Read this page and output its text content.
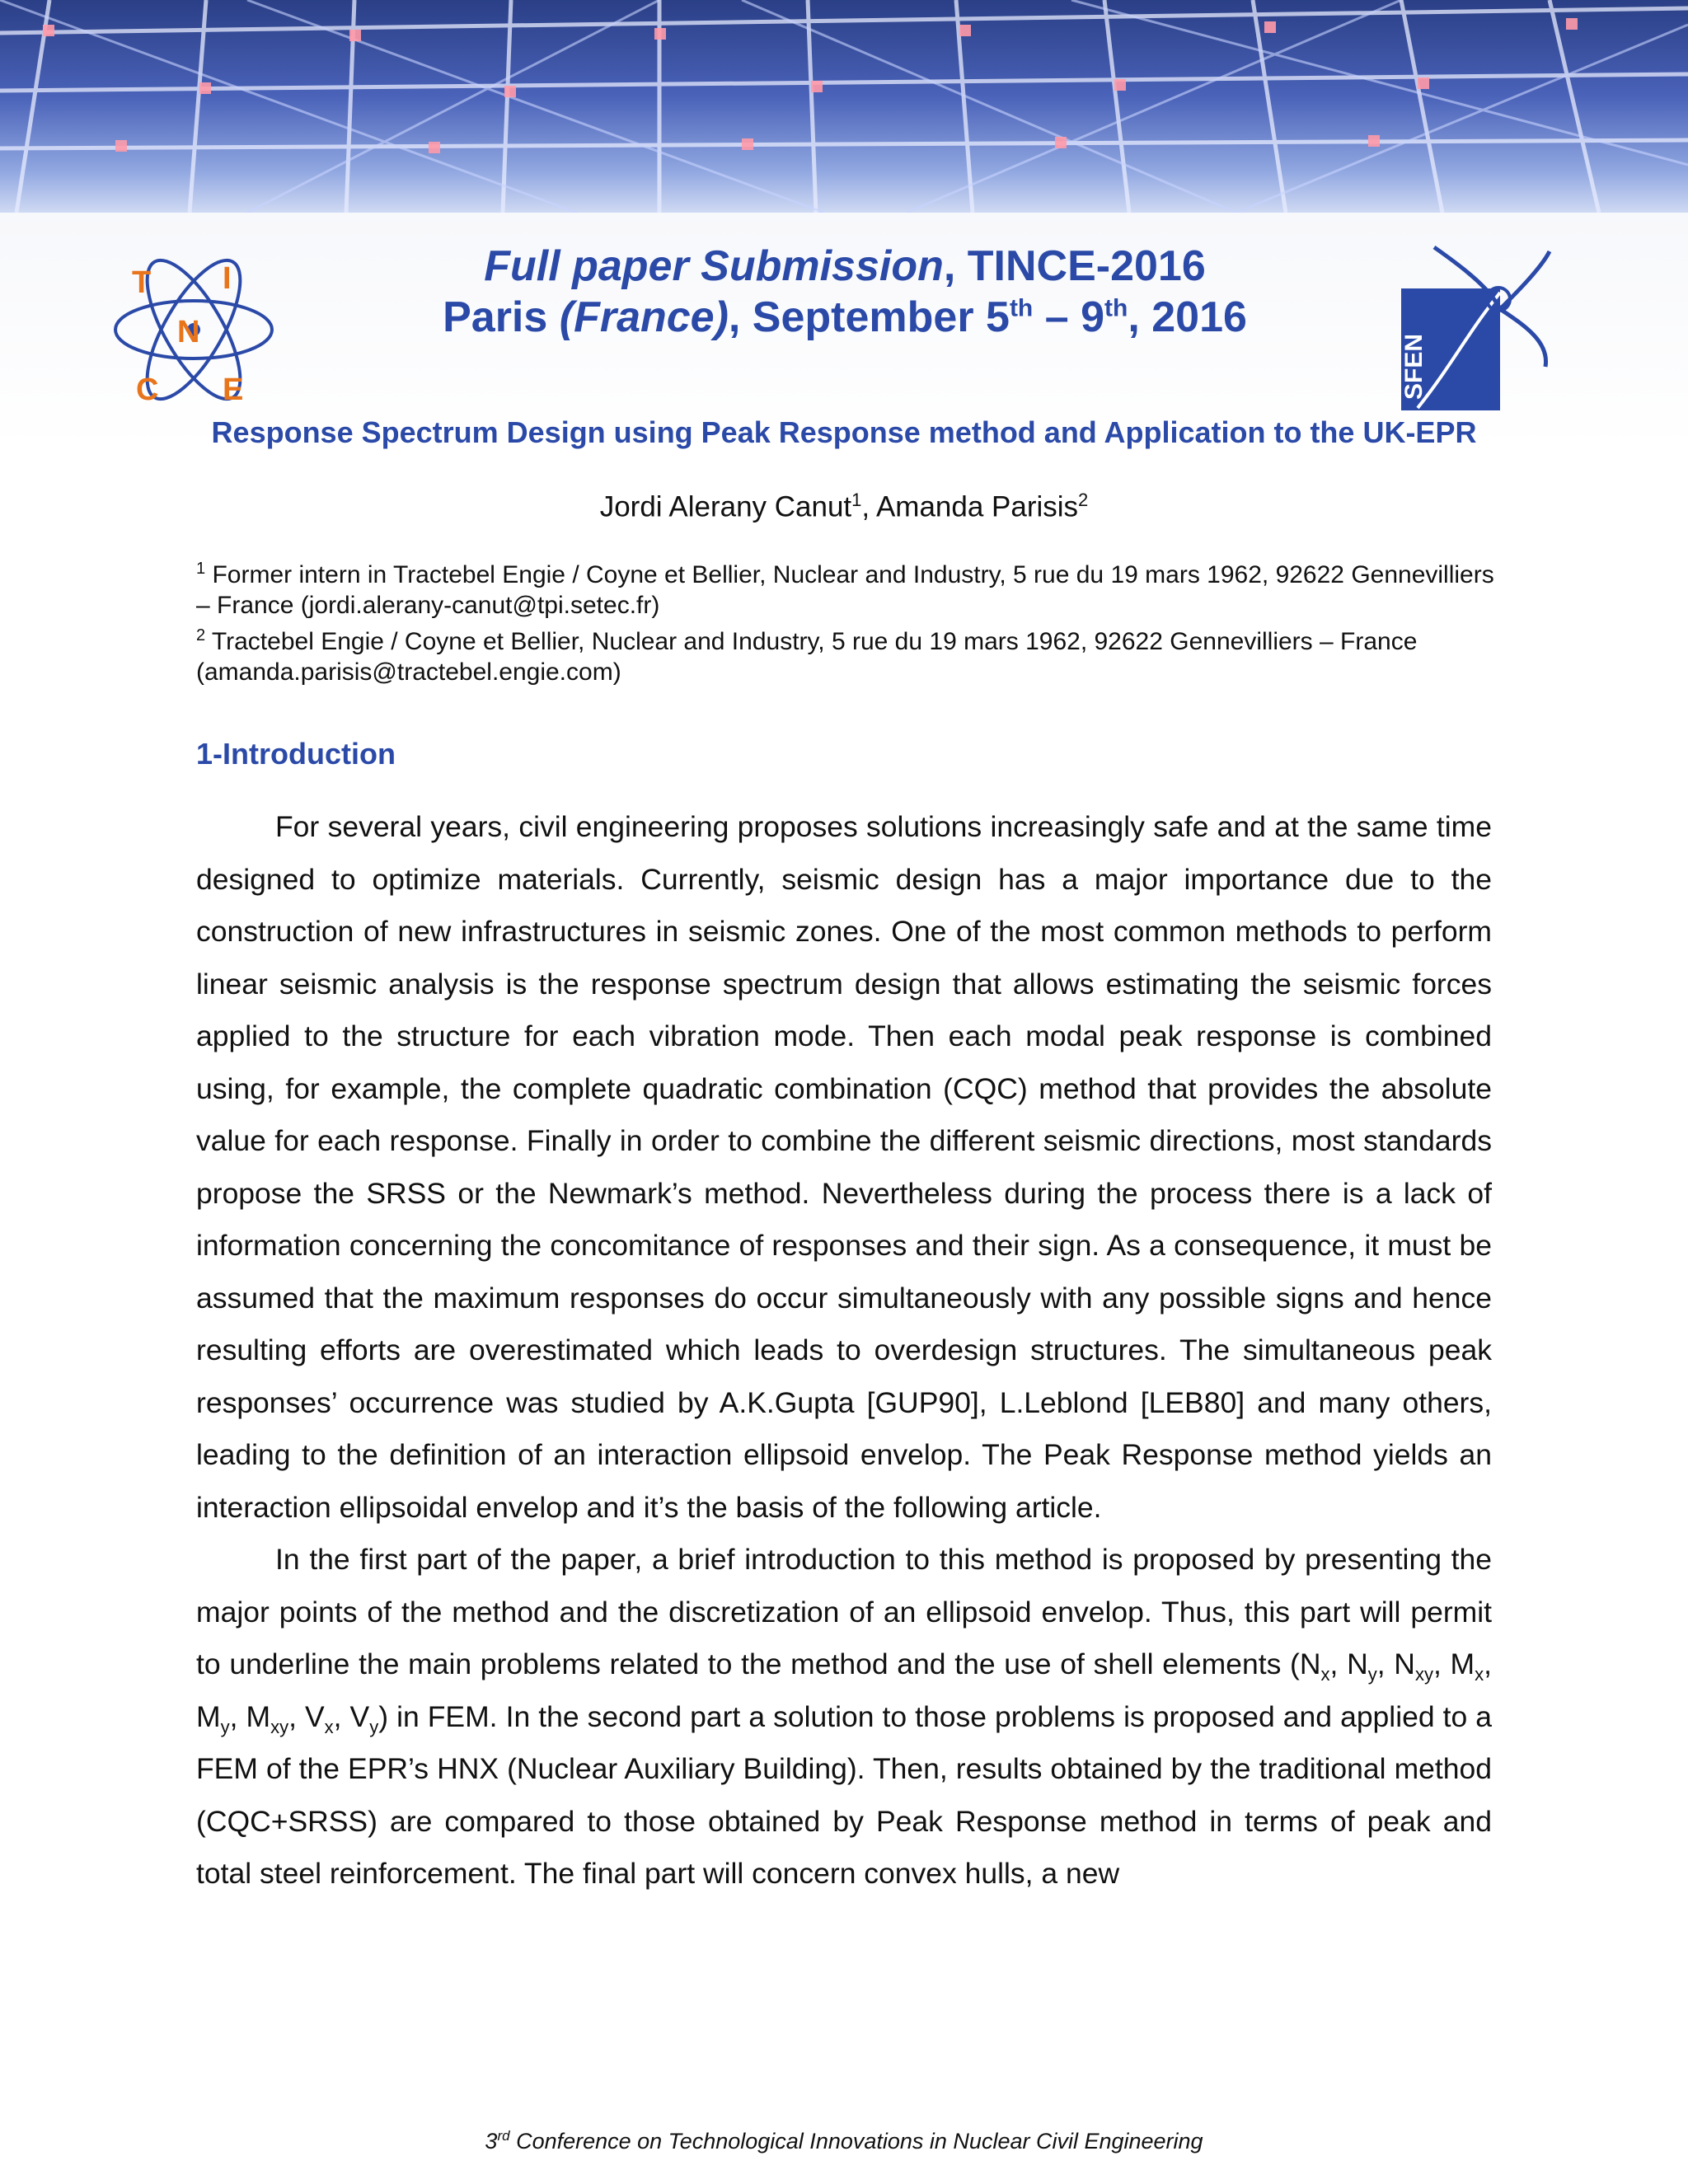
T I
N
C E	SFEN
Full paper Submission, TINCE-2016
Paris (France), September 5th – 9th, 2016
Response Spectrum Design using Peak Response method and Application to the UK-EPR
Jordi Alerany Canut$^1$, Amanda Parisis$^2$

$^1$ Former intern in Tractebel Engie / Coyne et Bellier, Nuclear and Industry, 5 rue du 19 mars 1962, 92622 Gennevilliers – France (jordi.alerany-canut@tpi.setec.fr)

$^2$ Tractebel Engie / Coyne et Bellier, Nuclear and Industry, 5 rue du 19 mars 1962, 92622 Gennevilliers – France (amanda.parisis@tractebel.engie.com)

1-Introduction

For several years, civil engineering proposes solutions increasingly safe and at the same time designed to optimize materials. Currently, seismic design has a major importance due to the construction of new infrastructures in seismic zones. One of the most common methods to perform linear seismic analysis is the response spectrum design that allows estimating the seismic forces applied to the structure for each vibration mode. Then each modal peak response is combined using, for example, the complete quadratic combination (CQC) method that provides the absolute value for each response. Finally in order to combine the different seismic directions, most standards propose the SRSS or the Newmark’s method. Nevertheless during the process there is a lack of information concerning the concomitance of responses and their sign. As a consequence, it must be assumed that the maximum responses do occur simultaneously with any possible signs and hence resulting efforts are overestimated which leads to overdesign structures. The simultaneous peak responses’ occurrence was studied by A.K.Gupta [GUP90], L.Leblond [LEB80] and many others, leading to the definition of an interaction ellipsoid envelop. The Peak Response method yields an interaction ellipsoidal envelop and it’s the basis of the following article.

In the first part of the paper, a brief introduction to this method is proposed by presenting the major points of the method and the discretization of an ellipsoid envelop. Thus, this part will permit to underline the main problems related to the method and the use of shell elements ($N_x$, $N_y$, $N_{xy}$, $M_x$, $M_y$, $M_{xy}$, $V_x$, $V_y$) in FEM. In the second part a solution to those problems is proposed and applied to a FEM of the EPR’s HNX (Nuclear Auxiliary Building). Then, results obtained by the traditional method (CQC+SRSS) are compared to those obtained by Peak Response method in terms of peak and total steel reinforcement. The final part will concern convex hulls, a new

3rd Conference on Technological Innovations in Nuclear Civil Engineering
